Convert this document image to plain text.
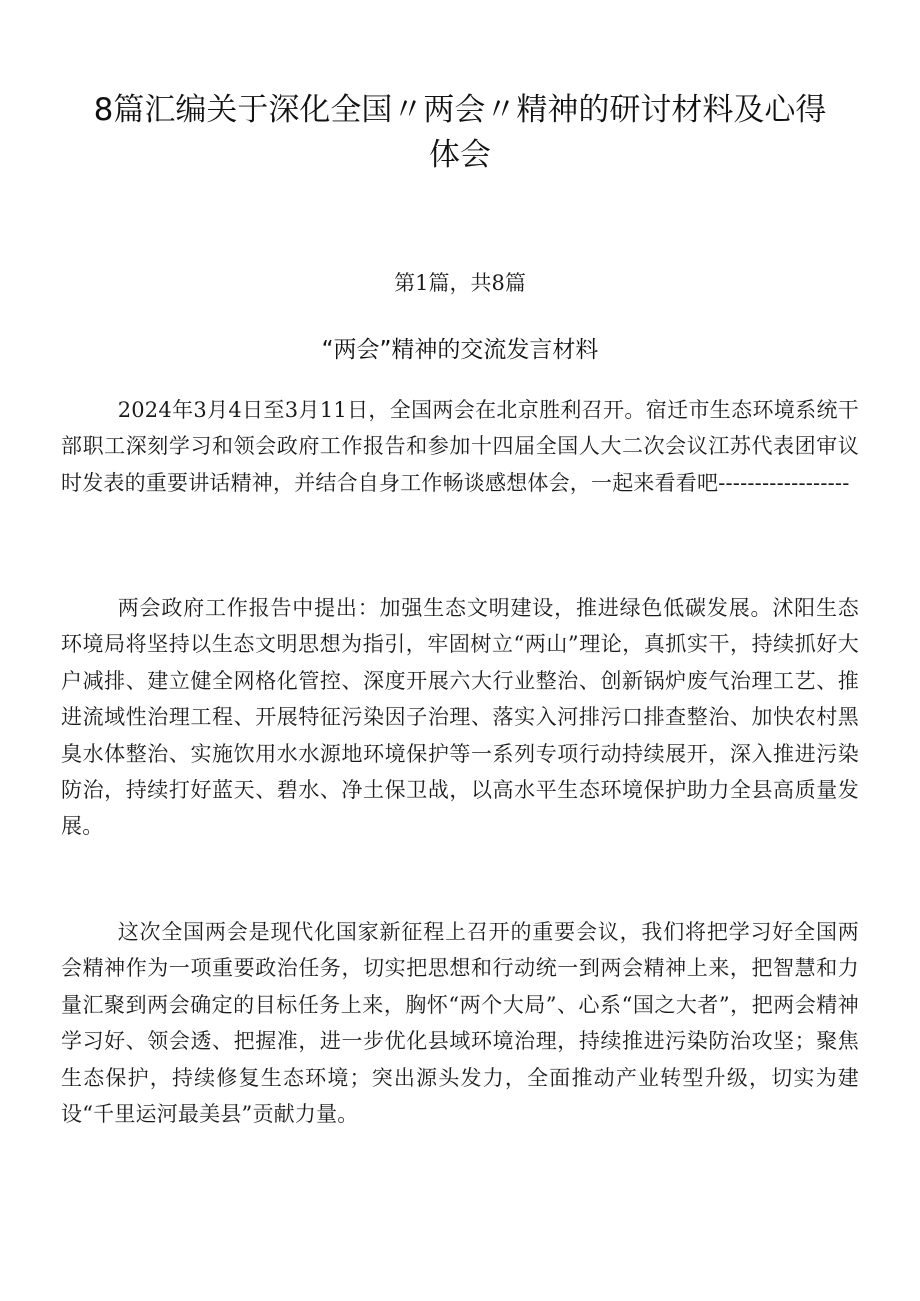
8篇汇编关于深化全国〃两会〃精神的研讨材料及心得体会
第1篇，共8篇
“两会”精神的交流发言材料

2024年3月4日至3月11日，全国两会在北京胜利召开。宿迁市生态环境系统干部职工深刻学习和领会政府工作报告和参加十四届全国人大二次会议江苏代表团审议时发表的重要讲话精神，并结合自身工作畅谈感想体会，一起来看看吧------------------

两会政府工作报告中提出：加强生态文明建设，推进绿色低碳发展。沭阳生态环境局将坚持以生态文明思想为指引，牢固树立“两山”理论，真抓实干，持续抓好大户减排、建立健全网格化管控、深度开展六大行业整治、创新锅炉废气治理工艺、推进流域性治理工程、开展特征污染因子治理、落实入河排污口排查整治、加快农村黑臭水体整治、实施饮用水水源地环境保护等一系列专项行动持续展开，深入推进污染防治，持续打好蓝天、碧水、净土保卫战，以高水平生态环境保护助力全县高质量发展。

这次全国两会是现代化国家新征程上召开的重要会议，我们将把学习好全国两会精神作为一项重要政治任务，切实把思想和行动统一到两会精神上来，把智慧和力量汇聚到两会确定的目标任务上来，胸怀“两个大局”、心系“国之大者”，把两会精神学习好、领会透、把握准，进一步优化县域环境治理，持续推进污染防治攻坚；聚焦生态保护，持续修复生态环境；突出源头发力，全面推动产业转型升级，切实为建设“千里运河最美县”贡献力量。
